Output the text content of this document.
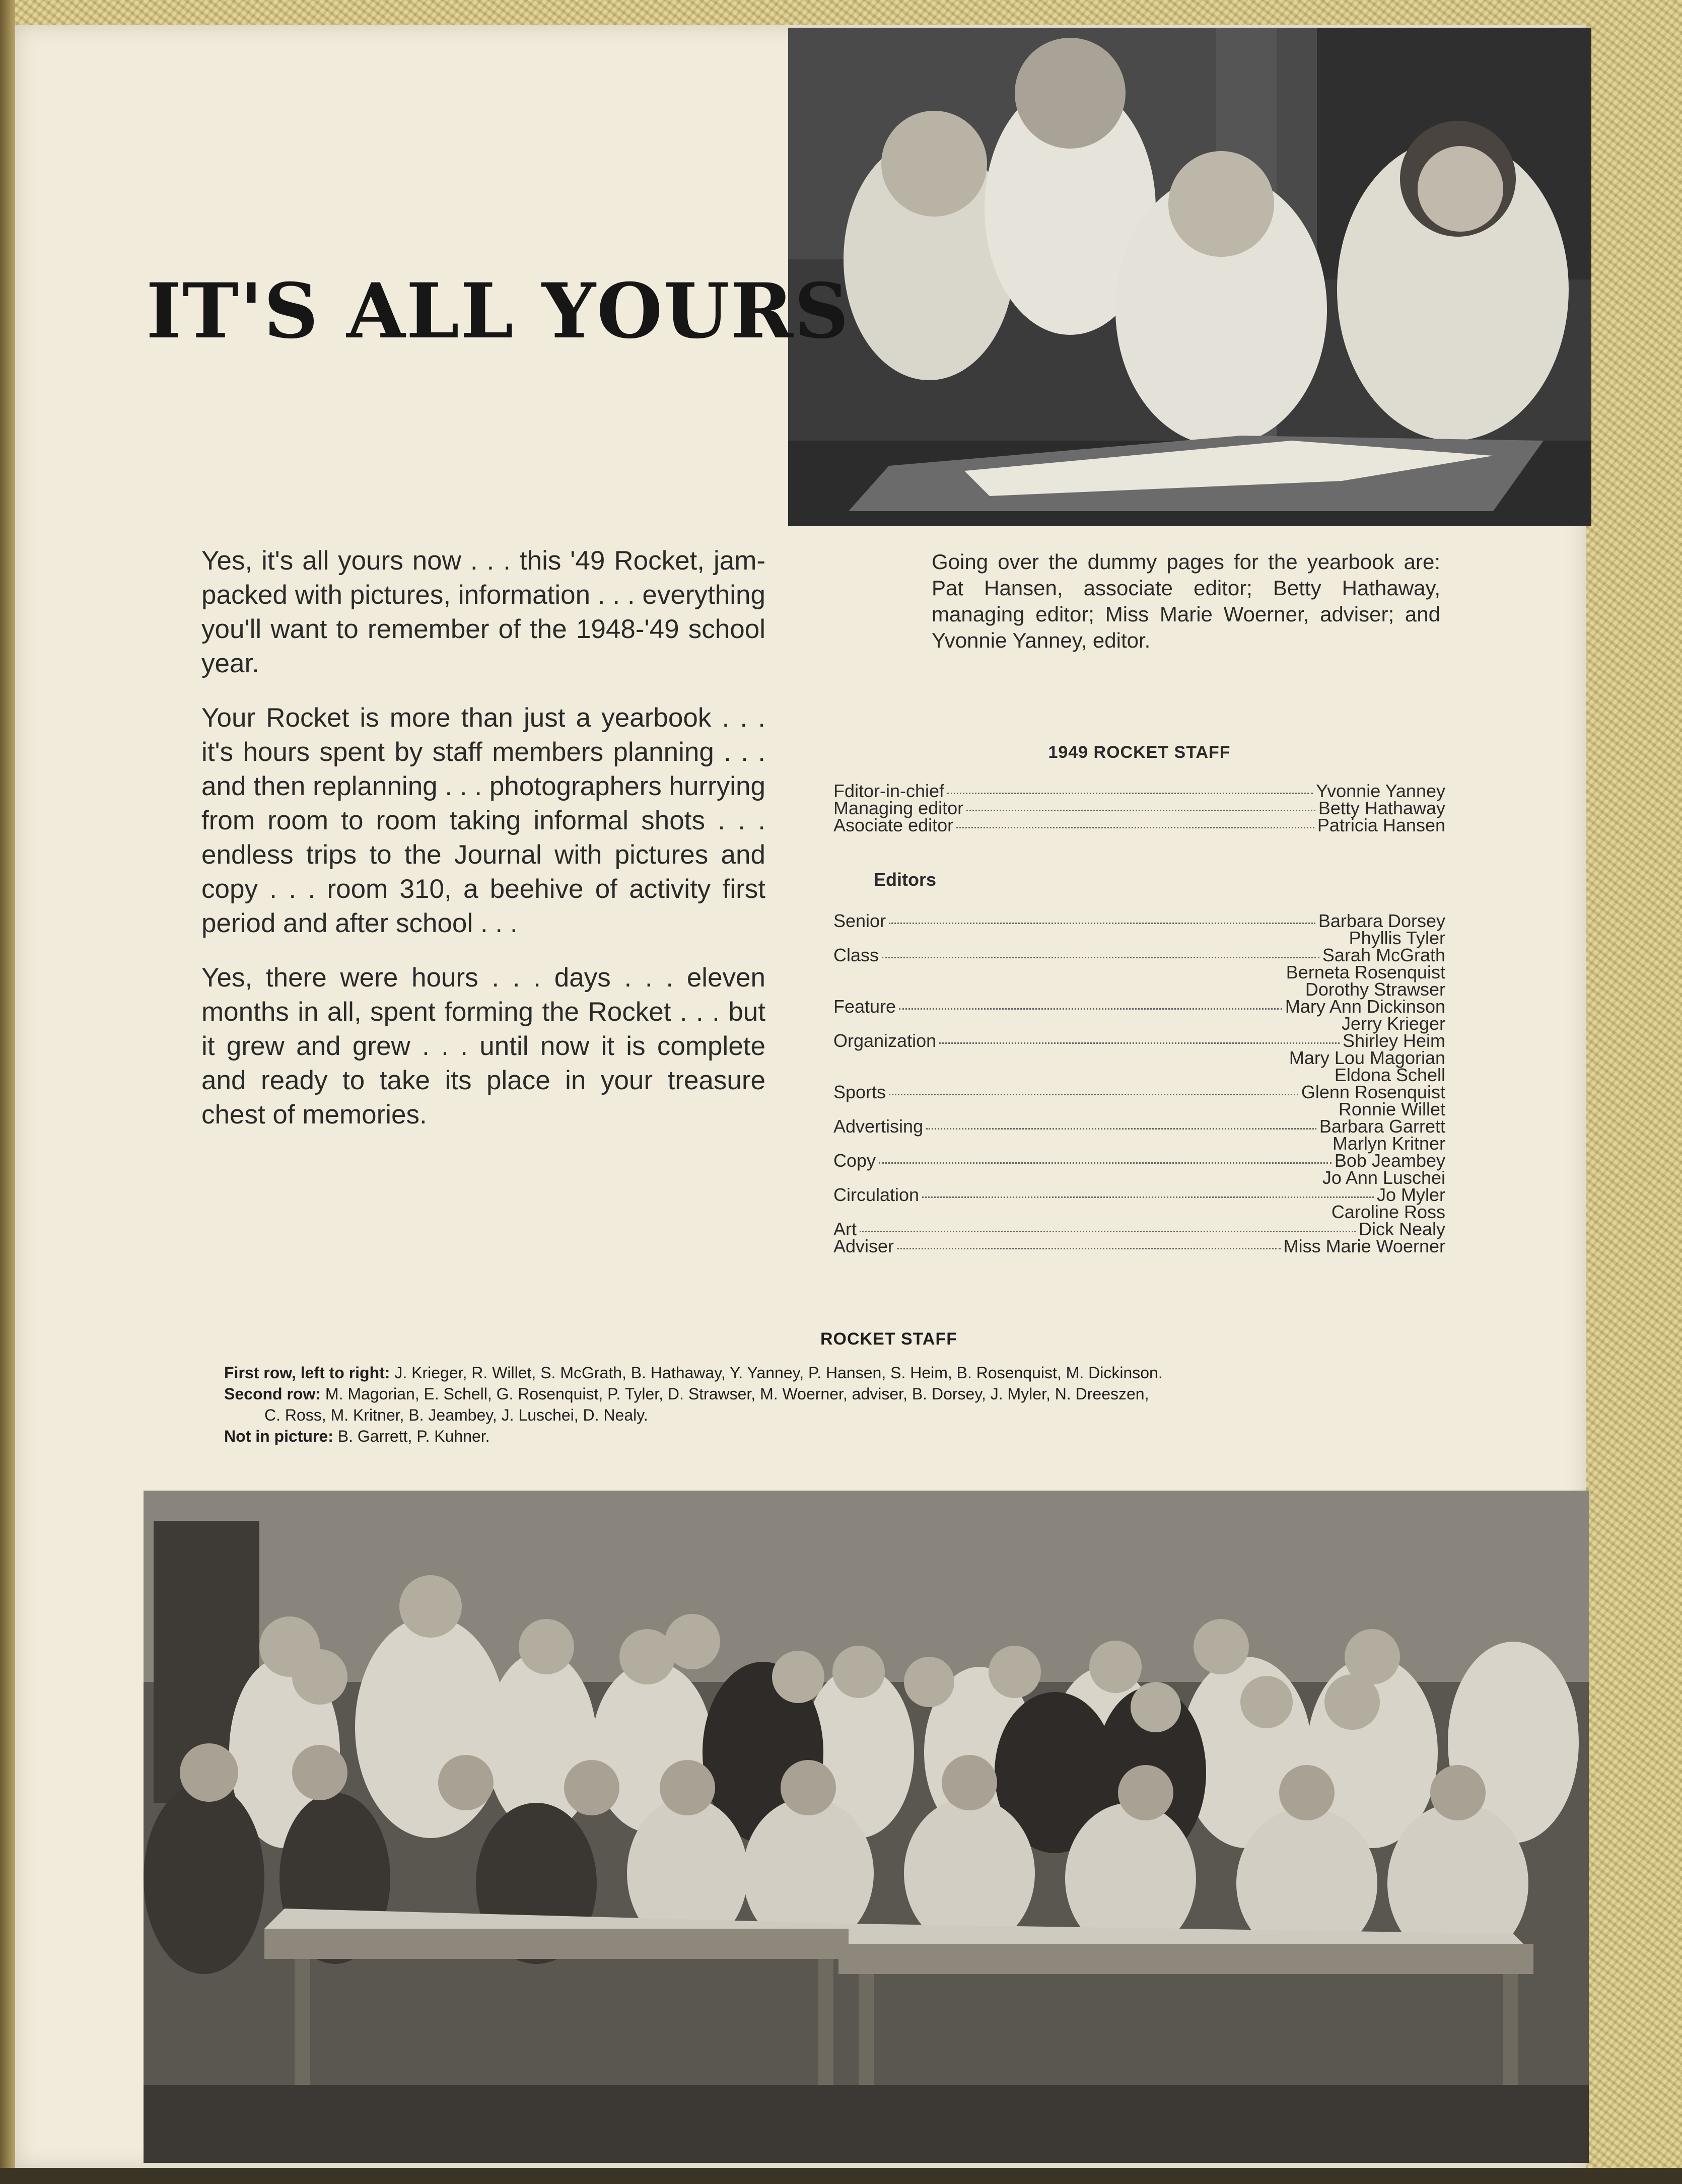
IT'S ALL YOURS

Yes, it's all yours now . . . this '49 Rocket, jam-packed with pictures, information . . . everything you'll want to remember of the 1948-'49 school year.

Your Rocket is more than just a yearbook . . . it's hours spent by staff members planning . . . and then replanning . . . photographers hurrying from room to room taking informal shots . . . endless trips to the Journal with pictures and copy . . . room 310, a beehive of activity first period and after school . . .

Yes, there were hours . . . days . . . eleven months in all, spent forming the Rocket . . . but it grew and grew . . . until now it is complete and ready to take its place in your treasure chest of memories.

Going over the dummy pages for the yearbook are: Pat Hansen, associate editor; Betty Hathaway, managing editor; Miss Marie Woerner, adviser; and Yvonnie Yanney, editor.

1949 ROCKET STAFF
Fditor-in-chief	Yvonnie Yanney
Managing editor	Betty Hathaway
Asociate editor	Patricia Hansen
Editors
Senior	Barbara Dorsey
Phyllis Tyler
Class	Sarah McGrath
Berneta Rosenquist
Dorothy Strawser
Feature	Mary Ann Dickinson
Jerry Krieger
Organization	Shirley Heim
Mary Lou Magorian
Eldona Schell
Sports	Glenn Rosenquist
Ronnie Willet
Advertising	Barbara Garrett
Marlyn Kritner
Copy	Bob Jeambey
Jo Ann Luschei
Circulation	Jo Myler
Caroline Ross
Art	Dick Nealy
Adviser	Miss Marie Woerner
ROCKET STAFF

First row, left to right: J. Krieger, R. Willet, S. McGrath, B. Hathaway, Y. Yanney, P. Hansen, S. Heim, B. Rosenquist, M. Dickinson.

Second row: M. Magorian, E. Schell, G. Rosenquist, P. Tyler, D. Strawser, M. Woerner, adviser, B. Dorsey, J. Myler, N. Dreeszen,

C. Ross, M. Kritner, B. Jeambey, J. Luschei, D. Nealy.

Not in picture: B. Garrett, P. Kuhner.
